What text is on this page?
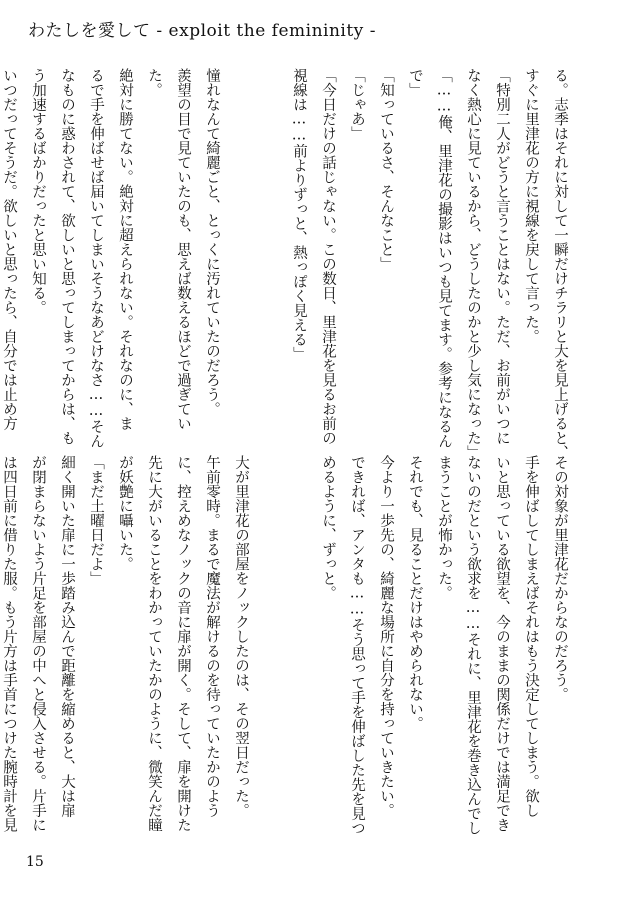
わたしを愛して - exploit the femininity -

る。志季はそれに対して一瞬だけチラリと大を見上げると、
すぐに里津花の方に視線を戻して言った。
「特別二人がどうと言うことはない。ただ、お前がいつに
なく熱心に見ているから、どうしたのかと少し気になった」
「……俺、里津花の撮影はいつも見てます。参考になるん
で」
「知っているさ、そんなこと」
「じゃあ」
「今日だけの話じゃない。この数日、里津花を見るお前の
視線は……前よりずっと、熱っぽく見える」

憧れなんて綺麗ごと、とっくに汚れていたのだろう。
羨望の目で見ていたのも、思えば数えるほどで過ぎてい
た。
絶対に勝てない。絶対に超えられない。それなのに、ま
るで手を伸ばせば届いてしまいそうなあどけなさ……そん
なものに惑わされて、欲しいと思ってしまってからは、も
う加速するばかりだったと思い知る。
いつだってそうだ。欲しいと思ったら、自分では止め方

その対象が里津花だからなのだろう。
手を伸ばしてしまえばそれはもう決定してしまう。欲し
いと思っている欲望を、今のままの関係だけでは満足でき
ないのだという欲求を……それに、里津花を巻き込んでし
まうことが怖かった。
それでも、見ることだけはやめられない。
今より一歩先の、綺麗な場所に自分を持っていきたい。
できれば、アンタも……そう思って手を伸ばした先を見つ
めるように、ずっと。

大が里津花の部屋をノックしたのは、その翌日だった。
午前零時。まるで魔法が解けるのを待っていたかのよう
に、控えめなノックの音に扉が開く。そして、扉を開けた
先に大がいることをわかっていたかのように、微笑んだ瞳
が妖艶に囁いた。
「まだ土曜日だよ」
細く開いた扉に一歩踏み込んで距離を縮めると、大は扉
が閉まらないよう片足を部屋の中へと侵入させる。片手に
は四日前に借りた服。もう片方は手首につけた腕時計を見

15
